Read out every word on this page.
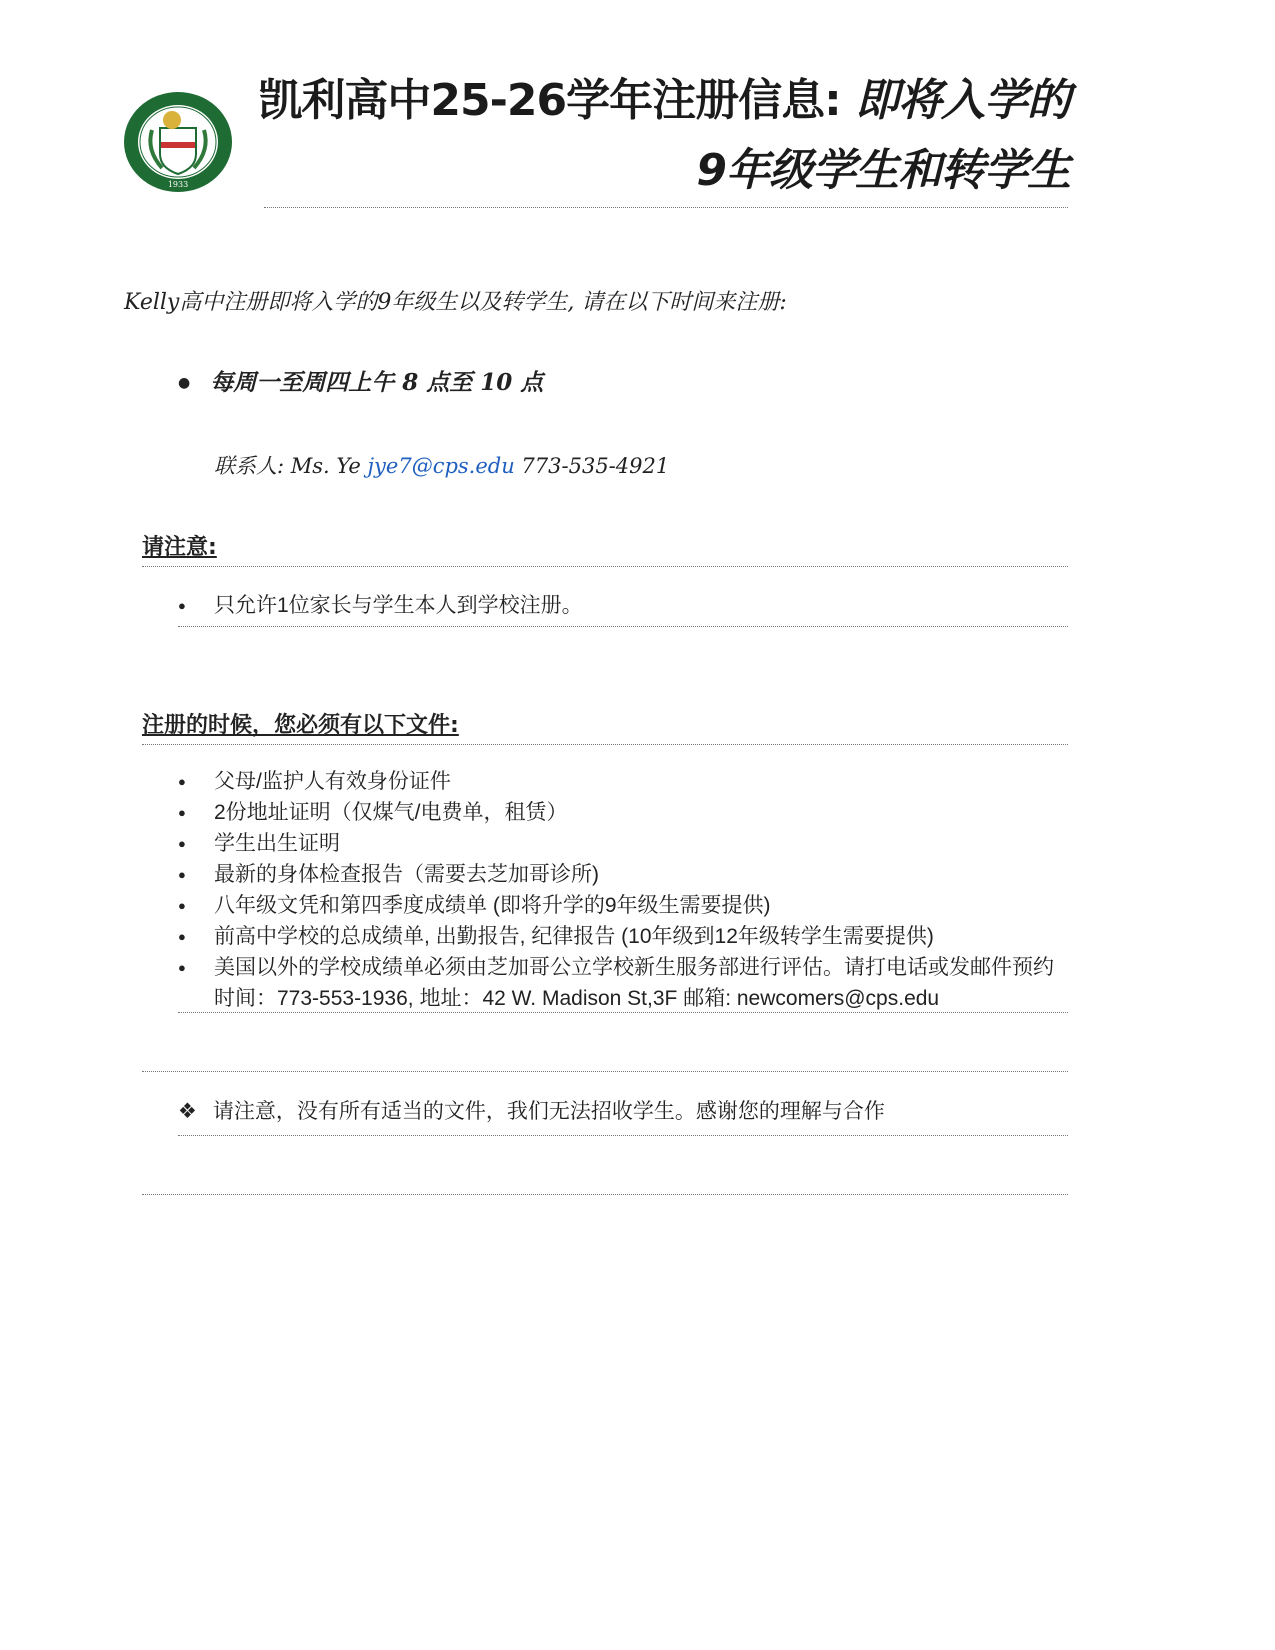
1933
凯利高中25-26学年注册信息: 即将入学的
9年级学生和转学生
Kelly高中注册即将入学的9年级生以及转学生, 请在以下时间来注册:
● 每周一至周四上午 8 点至 10 点
联系人: Ms. Ye jye7@cps.edu 773-535-4921
请注意:
● 只允许1位家长与学生本人到学校注册。
注册的时候，您必须有以下文件:
● 父母/监护人有效身份证件
● 2份地址证明（仅煤气/电费单，租赁）
● 学生出生证明
● 最新的身体检查报告（需要去芝加哥诊所)
● 八年级文凭和第四季度成绩单 (即将升学的9年级生需要提供)
● 前高中学校的总成绩单, 出勤报告, 纪律报告 (10年级到12年级转学生需要提供)
● 美国以外的学校成绩单必须由芝加哥公立学校新生服务部进行评估。请打电话或发邮件预约时间：773-553-1936, 地址：42 W. Madison St,3F 邮箱: newcomers@cps.edu
❖ 请注意，没有所有适当的文件，我们无法招收学生。感谢您的理解与合作
